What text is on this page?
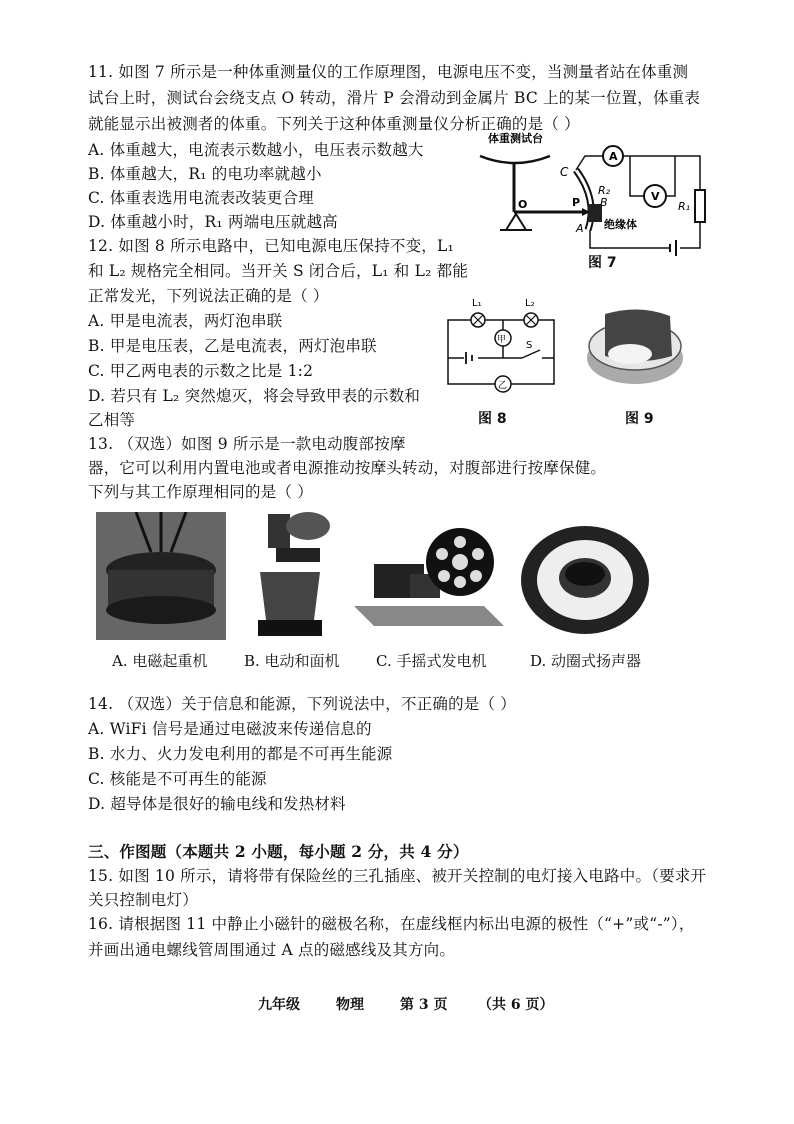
11. 如图 7 所示是一种体重测量仪的工作原理图，电源电压不变，当测量者站在体重测
试台上时，测试台会绕支点 O 转动，滑片 P 会滑动到金属片 BC 上的某一位置，体重表
就能显示出被测者的体重。下列关于这种体重测量仪分析正确的是（ ）
A. 体重越大，电流表示数越小，电压表示数越大
B. 体重越大，R₁ 的电功率就越小
C. 体重表选用电流表改装更合理
D. 体重越小时，R₁ 两端电压就越高
体重测试台
A
V
C
R₂
B
A
O	P	R₁
绝缘体
图 7
12. 如图 8 所示电路中，已知电源电压保持不变，L₁
和 L₂ 规格完全相同。当开关 S 闭合后，L₁ 和 L₂ 都能
正常发光，下列说法正确的是（ ）
A. 甲是电流表，两灯泡串联
B. 甲是电压表，乙是电流表，两灯泡串联
C. 甲乙两电表的示数之比是 1:2
D. 若只有 L₂ 突然熄灭，将会导致甲表的示数和
乙相等
L₁	L₂
甲
乙
S
图 8	图 9
13. （双选）如图 9 所示是一款电动腹部按摩
器，它可以利用内置电池或者电源推动按摩头转动，对腹部进行按摩保健。
下列与其工作原理相同的是（ ）
A. 电磁起重机 B. 电动和面机 C. 手摇式发电机	D. 动圈式扬声器
14. （双选）关于信息和能源，下列说法中，不正确的是（ ）
A. WiFi 信号是通过电磁波来传递信息的
B. 水力、火力发电利用的都是不可再生能源
C. 核能是不可再生的能源
D. 超导体是很好的输电线和发热材料
三、作图题（本题共 2 小题，每小题 2 分，共 4 分）
15. 如图 10 所示，请将带有保险丝的三孔插座、被开关控制的电灯接入电路中。（要求开
关只控制电灯）
16. 请根据图 11 中静止小磁针的磁极名称，在虚线框内标出电源的极性（“+”或“-”），
并画出通电螺线管周围通过 A 点的磁感线及其方向。
九年级	物理	第 3 页 （共 6 页）
